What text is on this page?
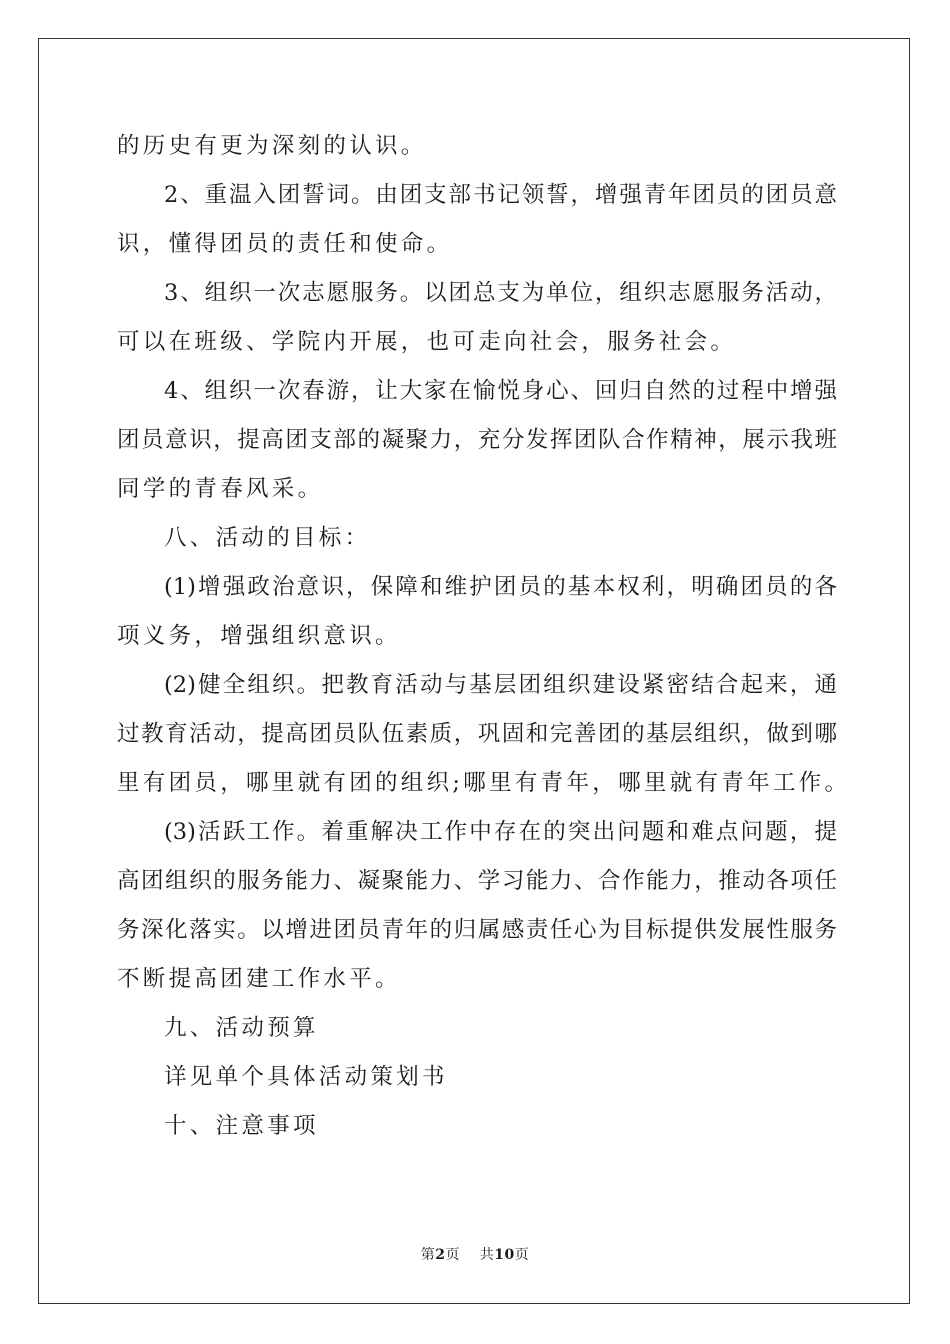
的历史有更为深刻的认识。
2、重温入团誓词。由团支部书记领誓，增强青年团员的团员意
识，懂得团员的责任和使命。
3、组织一次志愿服务。以团总支为单位，组织志愿服务活动，
可以在班级、学院内开展，也可走向社会，服务社会。
4、组织一次春游，让大家在愉悦身心、回归自然的过程中增强
团员意识，提高团支部的凝聚力，充分发挥团队合作精神，展示我班
同学的青春风采。
八、活动的目标：
(1)增强政治意识，保障和维护团员的基本权利，明确团员的各
项义务，增强组织意识。
(2)健全组织。把教育活动与基层团组织建设紧密结合起来，通
过教育活动，提高团员队伍素质，巩固和完善团的基层组织，做到哪
里有团员，哪里就有团的组织;哪里有青年，哪里就有青年工作。
(3)活跃工作。着重解决工作中存在的突出问题和难点问题，提
高团组织的服务能力、凝聚能力、学习能力、合作能力，推动各项任
务深化落实。以增进团员青年的归属感责任心为目标提供发展性服务
不断提高团建工作水平。
九、活动预算
详见单个具体活动策划书
十、注意事项
第2页 共10页
